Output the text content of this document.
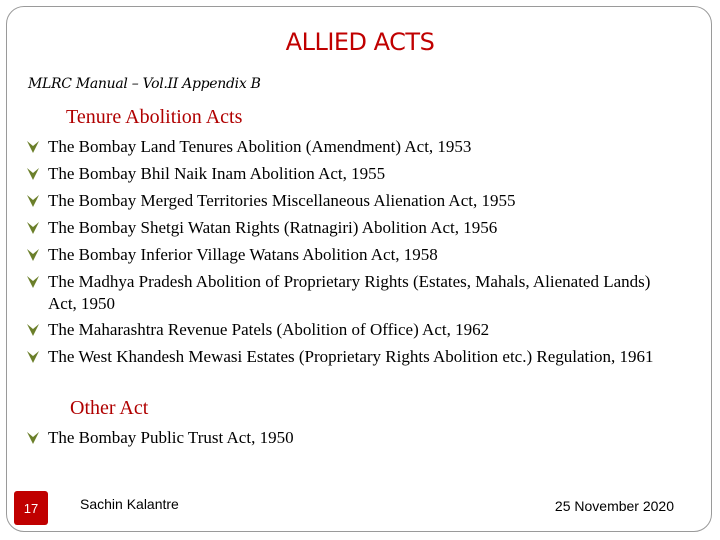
ALLIED ACTS
MLRC Manual – Vol.II Appendix B
Tenure Abolition Acts
The Bombay Land Tenures Abolition (Amendment) Act, 1953
The Bombay Bhil Naik Inam Abolition Act, 1955
The Bombay Merged Territories Miscellaneous Alienation Act, 1955
The Bombay Shetgi Watan Rights (Ratnagiri) Abolition Act, 1956
The Bombay Inferior Village Watans Abolition Act, 1958
The Madhya Pradesh Abolition of Proprietary Rights (Estates, Mahals, Alienated Lands) Act, 1950
The Maharashtra Revenue Patels (Abolition of Office) Act, 1962
The West Khandesh Mewasi Estates (Proprietary Rights Abolition etc.) Regulation, 1961
Other Act
The Bombay Public Trust Act, 1950
17	Sachin Kalantre	25 November 2020
